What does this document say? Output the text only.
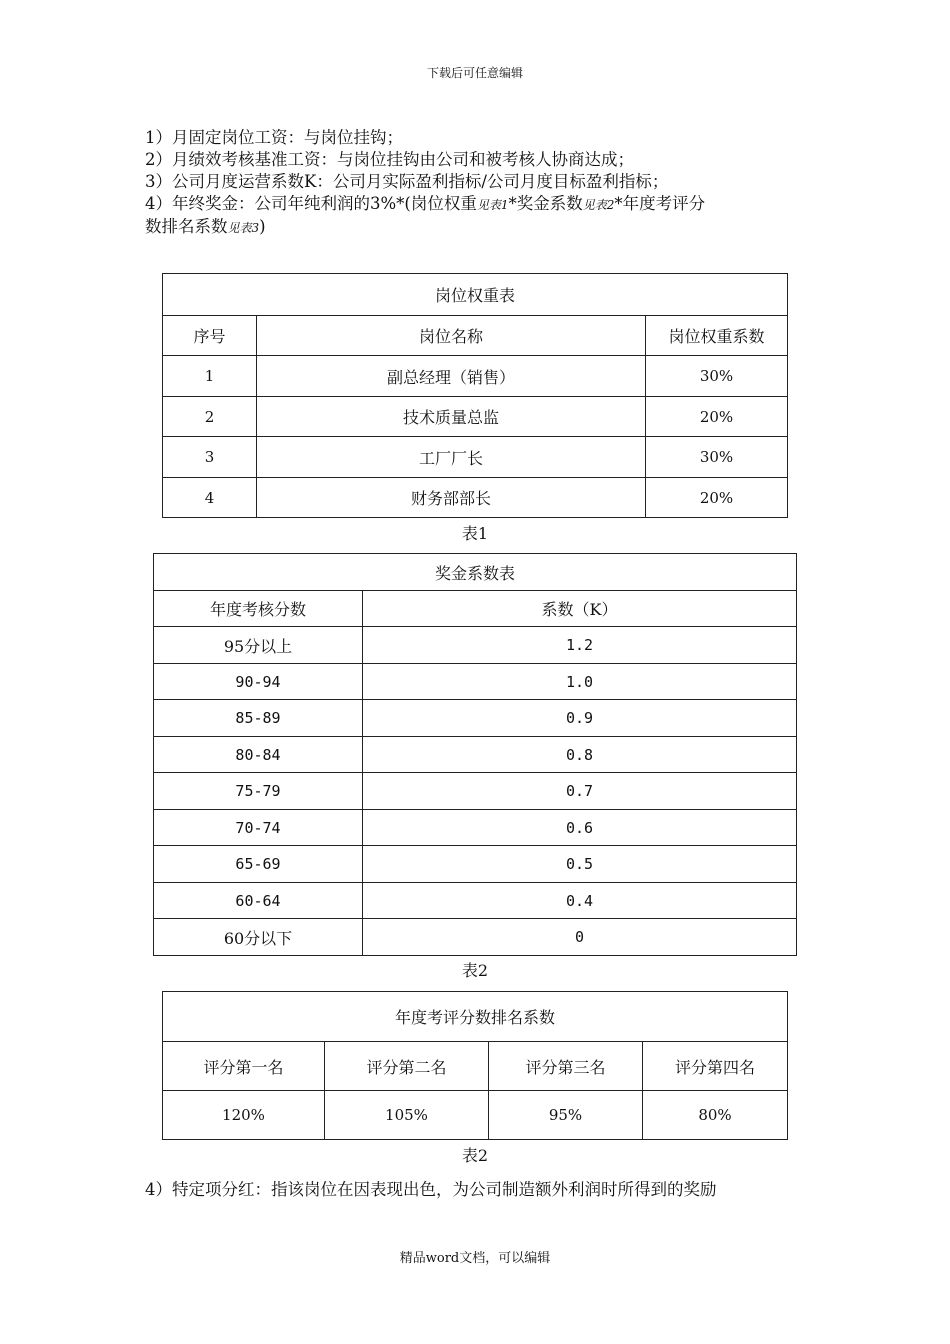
下载后可任意编辑

1）月固定岗位工资：与岗位挂钩；

2）月绩效考核基准工资：与岗位挂钩由公司和被考核人协商达成；

3）公司月度运营系数K：公司月实际盈利指标/公司月度目标盈利指标；

4）年终奖金：公司年纯利润的3%*(岗位权重见表1*奖金系数见表2*年度考评分

数排名系数见表3)

岗位权重表		
序号	岗位名称	岗位权重系数
1	副总经理（销售）	30%
2	技术质量总监	20%
3	工厂厂长	30%
4	财务部部长	20%
表1
奖金系数表	
年度考核分数	系数（K）
95分以上	1.2
90-94	1.0
85-89	0.9
80-84	0.8
75-79	0.7
70-74	0.6
65-69	0.5
60-64	0.4
60分以下	0
表2
年度考评分数排名系数			
评分第一名	评分第二名	评分第三名	评分第四名
120%	105%	95%	80%
表2
4）特定项分红：指该岗位在因表现出色，为公司制造额外利润时所得到的奖励
精品word文档，可以编辑
